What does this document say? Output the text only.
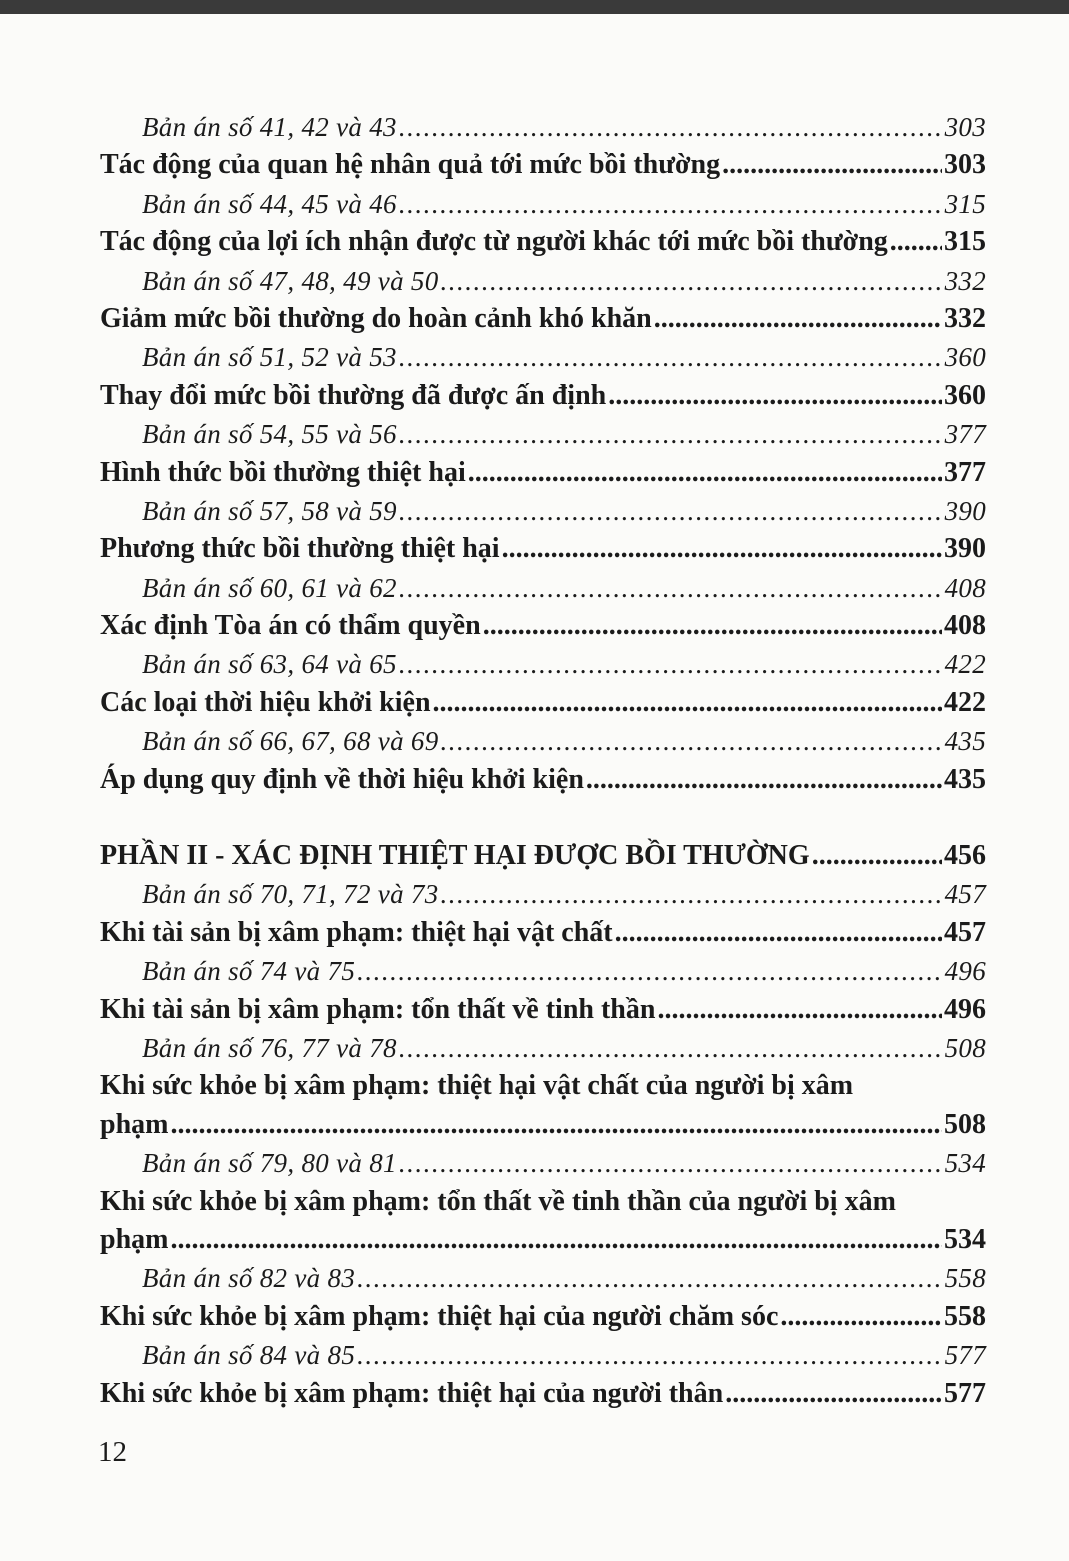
Bản án số 41, 42 và 43 .....	303
Tác động của quan hệ nhân quả tới mức bồi thường .....	303
Bản án số 44, 45 và 46 .....	315
Tác động của lợi ích nhận được từ người khác tới mức bồi thường ..... 315
Bản án số 47, 48, 49 và 50 .....	332
Giảm mức bồi thường do hoàn cảnh khó khăn .....	332
Bản án số 51, 52 và 53 .....	360
Thay đổi mức bồi thường đã được ấn định .....	360
Bản án số 54, 55 và 56 .....	377
Hình thức bồi thường thiệt hại .....	377
Bản án số 57, 58 và 59 .....	390
Phương thức bồi thường thiệt hại .....	390
Bản án số 60, 61 và 62 .....	408
Xác định Tòa án có thẩm quyền .....	408
Bản án số 63, 64 và 65 .....	422
Các loại thời hiệu khởi kiện .....	422
Bản án số 66, 67, 68 và 69 .....	435
Áp dụng quy định về thời hiệu khởi kiện .....	435
PHẦN II - XÁC ĐỊNH THIỆT HẠI ĐƯỢC BỒI THƯỜNG .....	456
Bản án số 70, 71, 72 và 73 .....	457
Khi tài sản bị xâm phạm: thiệt hại vật chất .....	457
Bản án số 74 và 75 .....	496
Khi tài sản bị xâm phạm: tổn thất về tinh thần .....	496
Bản án số 76, 77 và 78 .....	508
Khi sức khỏe bị xâm phạm: thiệt hại vật chất của người bị xâm
phạm .....	508
Bản án số 79, 80 và 81 .....	534
Khi sức khỏe bị xâm phạm: tổn thất về tinh thần của người bị xâm
phạm .....	534
Bản án số 82 và 83 .....	558
Khi sức khỏe bị xâm phạm: thiệt hại của người chăm sóc .....	558
Bản án số 84 và 85 .....	577
Khi sức khỏe bị xâm phạm: thiệt hại của người thân .....	577
12
